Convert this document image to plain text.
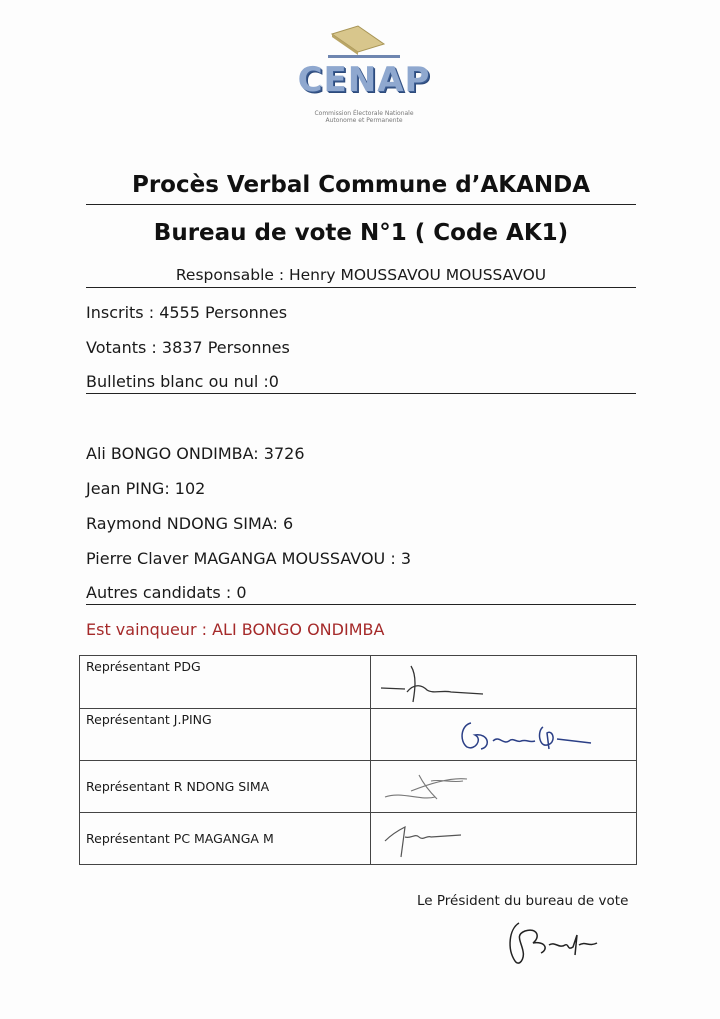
CENAP
Commission Électorale Nationale
Autonome et Permanente
Procès Verbal Commune d’AKANDA
Bureau de vote N°1 ( Code AK1)
Responsable : Henry MOUSSAVOU MOUSSAVOU
Inscrits : 4555 Personnes
Votants : 3837 Personnes
Bulletins blanc ou nul :0
Ali BONGO ONDIMBA: 3726
Jean PING: 102
Raymond NDONG SIMA: 6
Pierre Claver MAGANGA MOUSSAVOU : 3
Autres candidats : 0
Est vainqueur : ALI BONGO ONDIMBA
Représentant PDG	

Représentant J.PING	

Représentant R NDONG SIMA	

Représentant PC MAGANGA M	
Le Président du bureau de vote
